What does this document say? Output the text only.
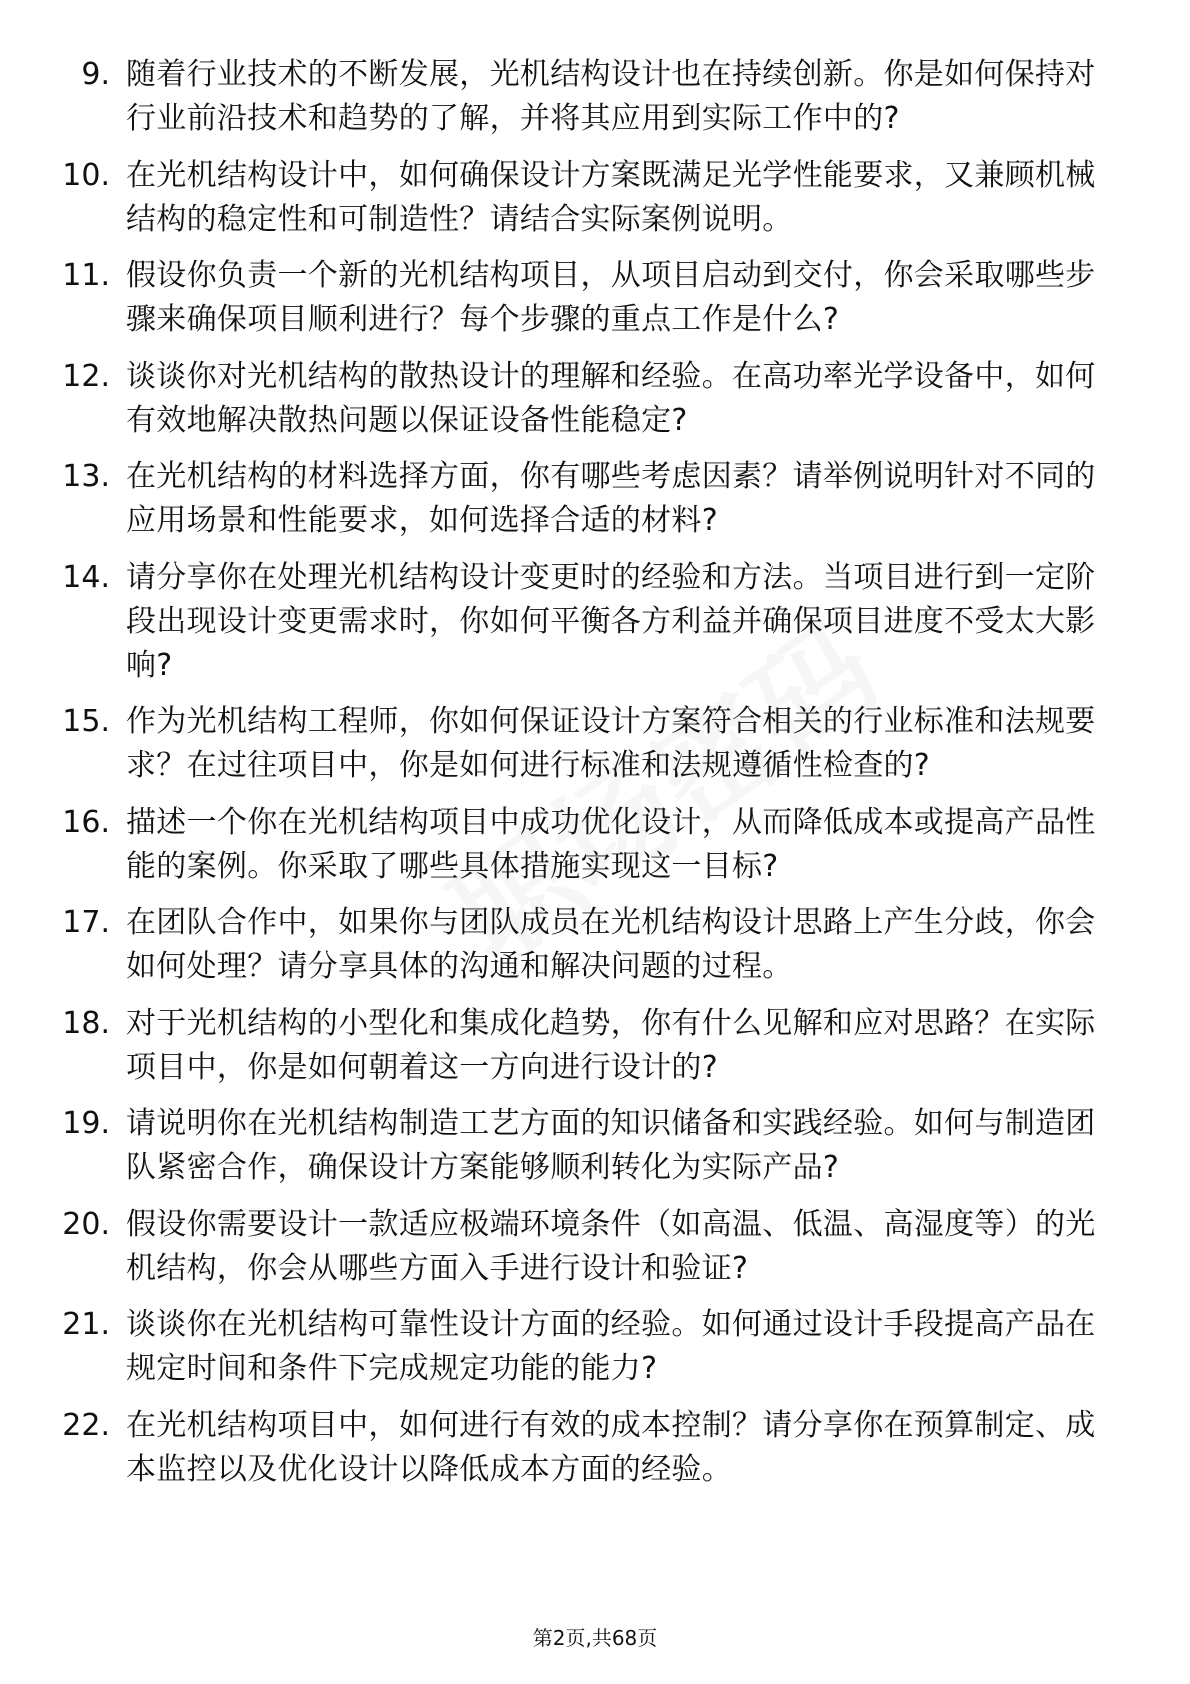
9. 随着行业技术的不断发展，光机结构设计也在持续创新。你是如何保持对行业前沿技术和趋势的了解，并将其应用到实际工作中的?
10. 在光机结构设计中，如何确保设计方案既满足光学性能要求，又兼顾机械结构的稳定性和可制造性？请结合实际案例说明。
11. 假设你负责一个新的光机结构项目，从项目启动到交付，你会采取哪些步骤来确保项目顺利进行？每个步骤的重点工作是什么?
12. 谈谈你对光机结构的散热设计的理解和经验。在高功率光学设备中，如何有效地解决散热问题以保证设备性能稳定?
13. 在光机结构的材料选择方面，你有哪些考虑因素？请举例说明针对不同的应用场景和性能要求，如何选择合适的材料?
14. 请分享你在处理光机结构设计变更时的经验和方法。当项目进行到一定阶段出现设计变更需求时，你如何平衡各方利益并确保项目进度不受太大影响?
15. 作为光机结构工程师，你如何保证设计方案符合相关的行业标准和法规要求？在过往项目中，你是如何进行标准和法规遵循性检查的?
16. 描述一个你在光机结构项目中成功优化设计，从而降低成本或提高产品性能的案例。你采取了哪些具体措施实现这一目标?
17. 在团队合作中，如果你与团队成员在光机结构设计思路上产生分歧，你会如何处理？请分享具体的沟通和解决问题的过程。
18. 对于光机结构的小型化和集成化趋势，你有什么见解和应对思路？在实际项目中，你是如何朝着这一方向进行设计的?
19. 请说明你在光机结构制造工艺方面的知识储备和实践经验。如何与制造团队紧密合作，确保设计方案能够顺利转化为实际产品?
20. 假设你需要设计一款适应极端环境条件（如高温、低温、高湿度等）的光机结构，你会从哪些方面入手进行设计和验证?
21. 谈谈你在光机结构可靠性设计方面的经验。如何通过设计手段提高产品在规定时间和条件下完成规定功能的能力?
22. 在光机结构项目中，如何进行有效的成本控制？请分享你在预算制定、成本监控以及优化设计以降低成本方面的经验。
第2页,共68页
